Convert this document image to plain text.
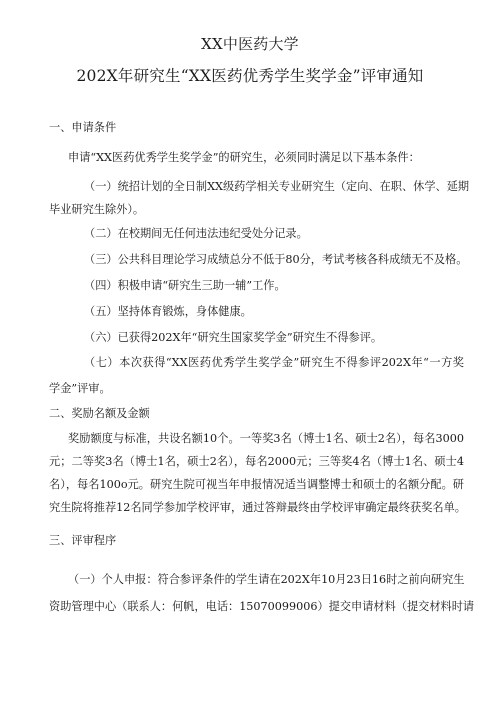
XX中医药大学
202X年研究生“XX医药优秀学生奖学金”评审通知
一、申请条件
申请“XX医药优秀学生奖学金”的研究生，必须同时满足以下基本条件：
（一）统招计划的全日制XX级药学相关专业研究生（定向、在职、休学、延期
毕业研究生除外）。
（二）在校期间无任何违法违纪受处分记录。
（三）公共科目理论学习成绩总分不低于80分，考试考核各科成绩无不及格。
（四）积极申请“研究生三助一辅”工作。
（五）坚持体育锻炼，身体健康。
（六）已获得202X年“研究生国家奖学金”研究生不得参评。
（七）本次获得“XX医药优秀学生奖学金”研究生不得参评202X年“一方奖
学金”评审。
二、奖励名额及金额
奖励额度与标准，共设名额10个。一等奖3名（博士1名、硕士2名），每名3000
元；二等奖3名（博士1名，硕士2名），每名2000元；三等奖4名（博士1名、硕士4
名），每名100o元。研究生院可视当年申报情况适当调整博士和硕士的名额分配。研
究生院将推荐12名同学参加学校评审，通过答辩最终由学校评审确定最终获奖名单。
三、评审程序
（一）个人申报：符合参评条件的学生请在202X年10月23日16时之前向研究生
资助管理中心（联系人：何帆，电话：15070099006）提交申请材料（提交材料时请
